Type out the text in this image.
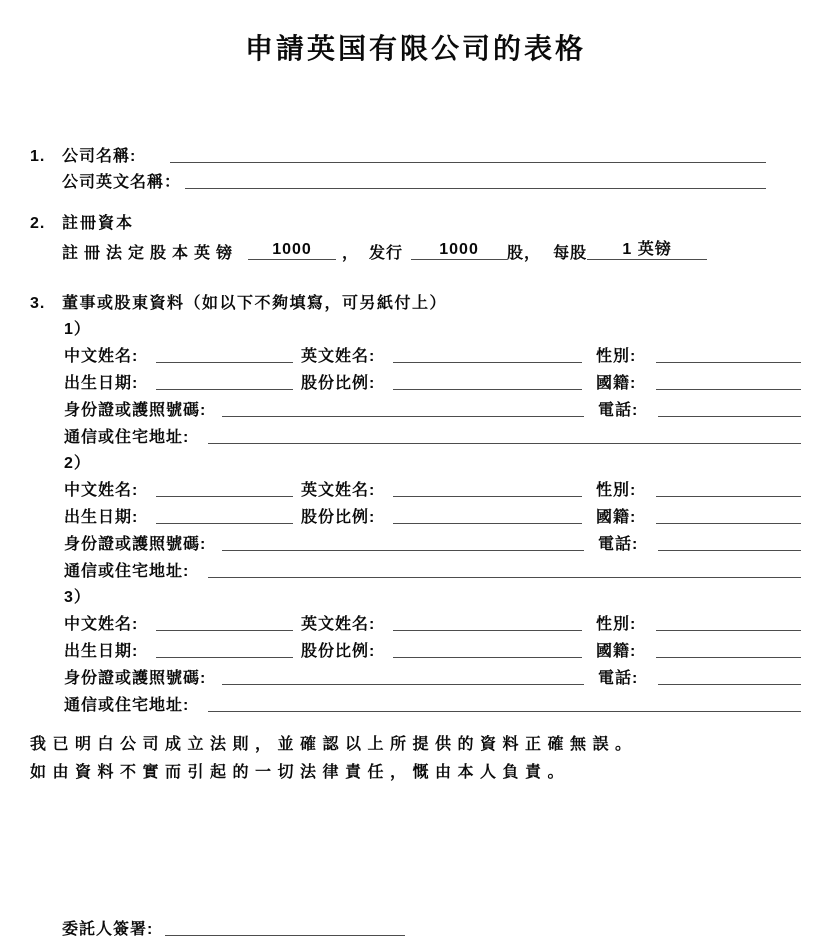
申請英国有限公司的表格
1.	公司名稱:
公司英文名稱：
2.	註冊資本
註冊法定股本英镑	1000	， 发行	1000	股， 每股	1 英镑
3.	董事或股東資料（如以下不夠填寫，可另紙付上）
1）
中文姓名:	英文姓名:	性別:
出生日期:	股份比例:	國籍:
身份證或護照號碼:	電話:
通信或住宅地址:
2）
中文姓名:	英文姓名:	性別:
出生日期:	股份比例:	國籍:
身份證或護照號碼:	電話:
通信或住宅地址:
3）
中文姓名:	英文姓名:	性別:
出生日期:	股份比例:	國籍:
身份證或護照號碼:	電話:
通信或住宅地址:

我已明白公司成立法則，並確認以上所提供的資料正確無誤。

如由資料不實而引起的一切法律責任，慨由本人負責。

委託人簽署:
